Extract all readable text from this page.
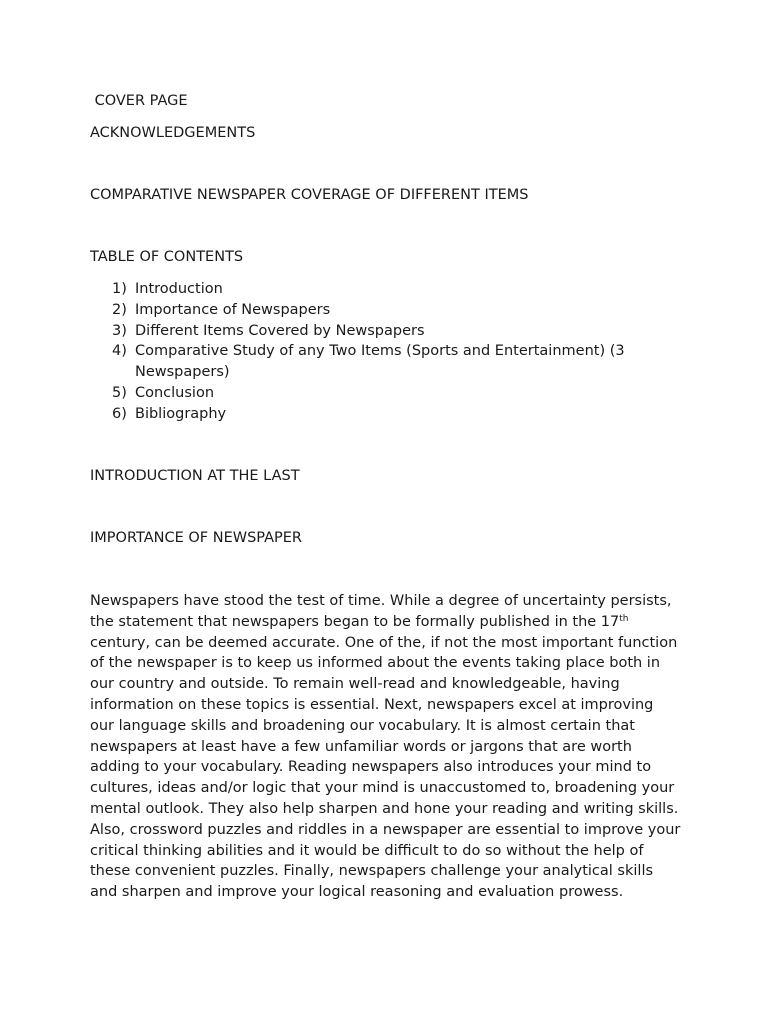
COVER PAGE
ACKNOWLEDGEMENTS
COMPARATIVE NEWSPAPER COVERAGE OF DIFFERENT ITEMS
TABLE OF CONTENTS
1) Introduction
2) Importance of Newspapers
3) Different Items Covered by Newspapers
4) Comparative Study of any Two Items (Sports and Entertainment) (3 Newspapers)
5) Conclusion
6) Bibliography
INTRODUCTION AT THE LAST
IMPORTANCE OF NEWSPAPER

Newspapers have stood the test of time. While a degree of uncertainty persists, the statement that newspapers began to be formally published in the 17th century, can be deemed accurate. One of the, if not the most important function of the newspaper is to keep us informed about the events taking place both in our country and outside. To remain well-read and knowledgeable, having information on these topics is essential. Next, newspapers excel at improving our language skills and broadening our vocabulary. It is almost certain that newspapers at least have a few unfamiliar words or jargons that are worth adding to your vocabulary. Reading newspapers also introduces your mind to cultures, ideas and/or logic that your mind is unaccustomed to, broadening your mental outlook. They also help sharpen and hone your reading and writing skills. Also, crossword puzzles and riddles in a newspaper are essential to improve your critical thinking abilities and it would be difficult to do so without the help of these convenient puzzles. Finally, newspapers challenge your analytical skills and sharpen and improve your logical reasoning and evaluation prowess.
